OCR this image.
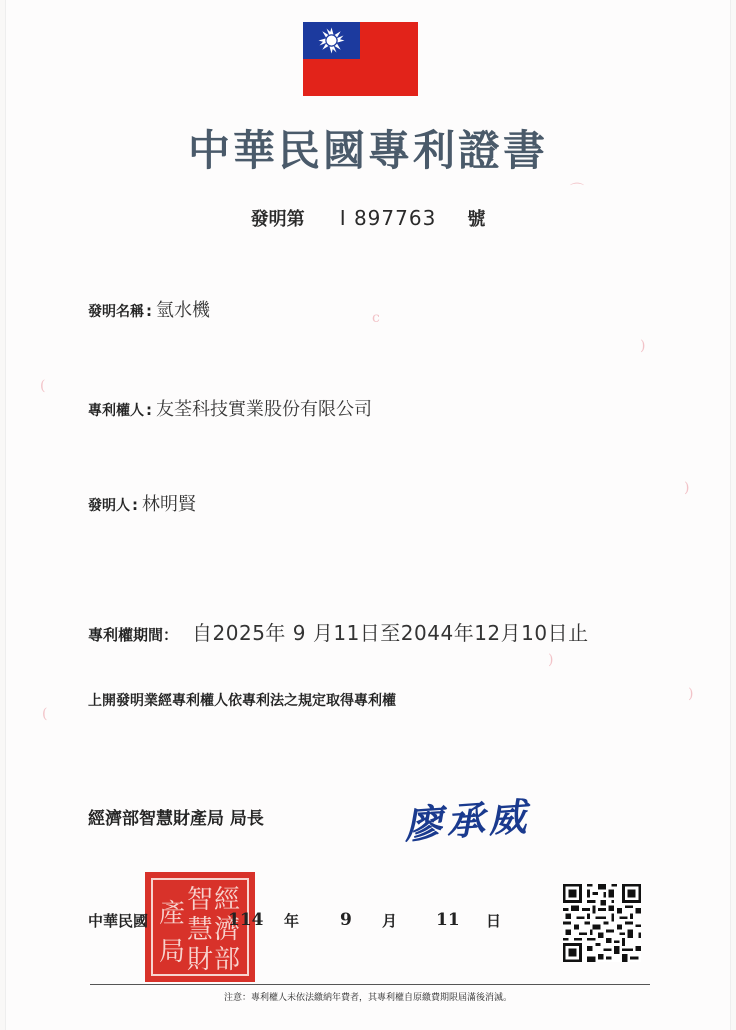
(
⌒
)
)
(
)
)
c
中華民國專利證書
發明第 I 897763 號
發明名稱 : 氫水機
專利權人 : 友荃科技實業股份有限公司
發明人 : 林明賢
專利權期間： 自2025年 9 月11日至2044年12月10日止
上開發明業經專利權人依專利法之規定取得專利權
經濟部智慧財產局 局長	廖承威
經
濟
部
智
慧
財
產
局
中華民國	114 年 9 月 11 日
注意：專利權人未依法繳納年費者，其專利權自原繳費期限屆滿後消滅。
